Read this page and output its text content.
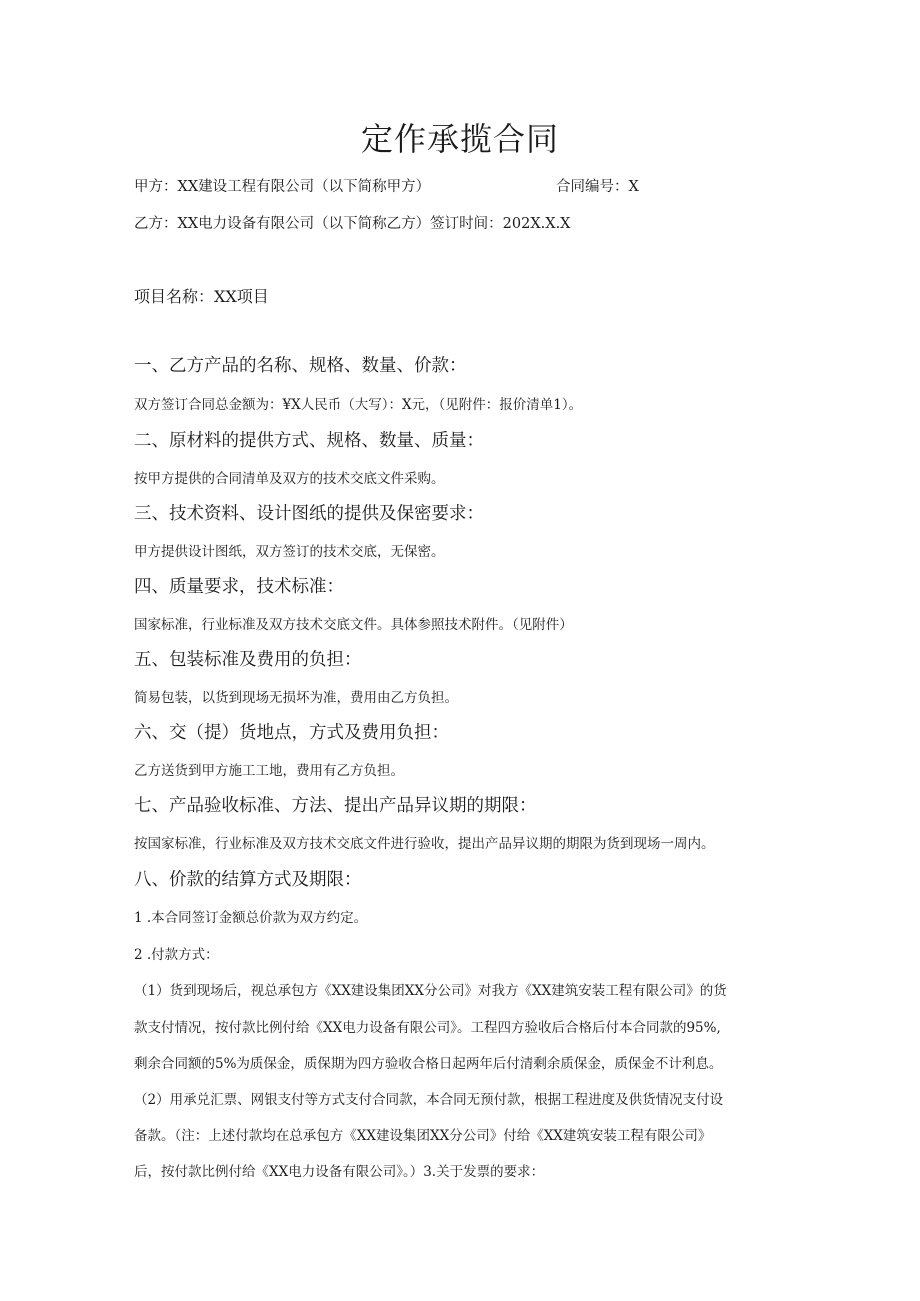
定作承揽合同
甲方：XX建设工程有限公司（以下简称甲方）	合同编号：X
乙方：XX电力设备有限公司（以下简称乙方）签订时间：202X.X.X
项目名称：XX项目
一、乙方产品的名称、规格、数量、价款：
双方签订合同总金额为：¥X人民币（大写）：X元，（见附件：报价清单1）。
二、原材料的提供方式、规格、数量、质量：
按甲方提供的合同清单及双方的技术交底文件采购。
三、技术资料、设计图纸的提供及保密要求：
甲方提供设计图纸，双方签订的技术交底，无保密。
四、质量要求，技术标准：
国家标准，行业标准及双方技术交底文件。具体参照技术附件。（见附件）
五、包装标准及费用的负担：
简易包装，以货到现场无损坏为准，费用由乙方负担。
六、交（提）货地点，方式及费用负担：
乙方送货到甲方施工工地，费用有乙方负担。
七、产品验收标准、方法、提出产品异议期的期限：
按国家标准，行业标准及双方技术交底文件进行验收，提出产品异议期的期限为货到现场一周内。
八、价款的结算方式及期限：
1 .本合同签订金额总价款为双方约定。
2 .付款方式：
（1）货到现场后，视总承包方《XX建设集团XX分公司》对我方《XX建筑安装工程有限公司》的货
款支付情况，按付款比例付给《XX电力设备有限公司》。工程四方验收后合格后付本合同款的95%,
剩余合同额的5%为质保金，质保期为四方验收合格日起两年后付清剩余质保金，质保金不计利息。
（2）用承兑汇票、网银支付等方式支付合同款，本合同无预付款，根据工程进度及供货情况支付设
备款。（注：上述付款均在总承包方《XX建设集团XX分公司》付给《XX建筑安装工程有限公司》
后，按付款比例付给《XX电力设备有限公司》。）3.关于发票的要求：
